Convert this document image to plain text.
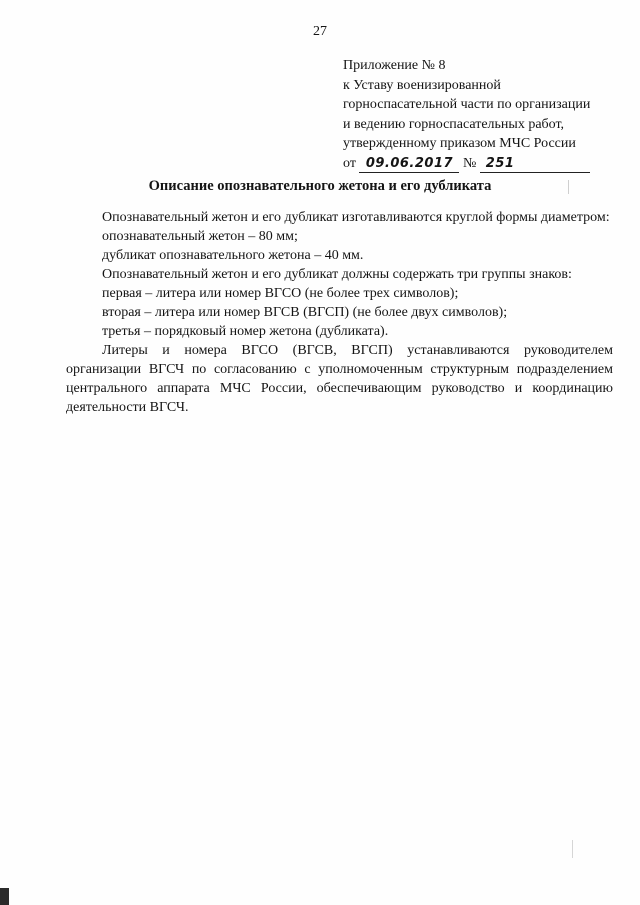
27
Приложение № 8
к Уставу военизированной
горноспасательной части по организации
и ведению горноспасательных работ,
утвержденному приказом МЧС России
от 09.06.2017 № 251
Описание опознавательного жетона и его дубликата

Опознавательный жетон и его дубликат изготавливаются круглой формы диаметром:

опознавательный жетон – 80 мм;

дубликат опознавательного жетона – 40 мм.

Опознавательный жетон и его дубликат должны содержать три группы знаков:

первая – литера или номер ВГСО (не более трех символов);

вторая – литера или номер ВГСВ (ВГСП) (не более двух символов);

третья – порядковый номер жетона (дубликата).

Литеры и номера ВГСО (ВГСВ, ВГСП) устанавливаются руководителем организации ВГСЧ по согласованию с уполномоченным структурным подразделением центрального аппарата МЧС России, обеспечивающим руководство и координацию деятельности ВГСЧ.
